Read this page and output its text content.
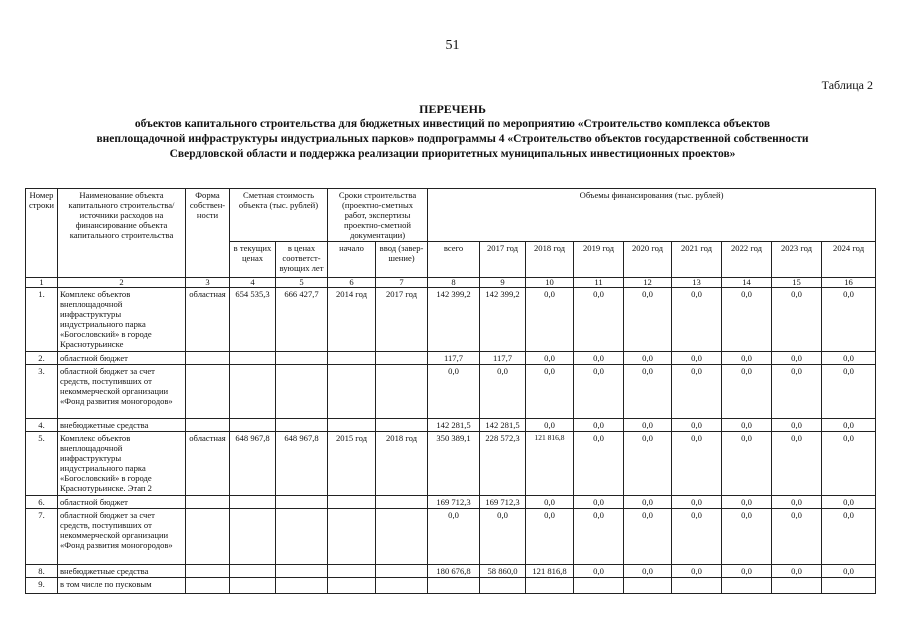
51
Таблица 2
ПЕРЕЧЕНЬ
объектов капитального строительства для бюджетных инвестиций по мероприятию «Строительство комплекса объектов
внеплощадочной инфраструктуры индустриальных парков» подпрограммы 4 «Строительство объектов государственной собственности
Свердловской области и поддержка реализации приоритетных муниципальных инвестиционных проектов»
Номер строки	Наименование объекта капитального строительства/ источники расходов на финансирование объекта капитального строительства	Форма собствен-ности	Сметная стоимость объекта (тыс. рублей)		Сроки строительства (проектно-сметных работ, экспертизы проектно-сметной документации)		Объемы финансирования (тыс. рублей)								
			в текущих ценах	в ценах соответст-вующих лет	начало	ввод (завер-шение)	всего	2017 год	2018 год	2019 год	2020 год	2021 год	2022 год	2023 год	2024 год
1	2	3	4	5	6	7	8	9	10	11	12	13	14	15	16
1.	Комплекс объектов внеплощадочной инфраструктуры индустриального парка «Богословский» в городе Краснотурьинске	областная	654 535,3	666 427,7	2014 год	2017 год	142 399,2	142 399,2	0,0	0,0	0,0	0,0	0,0	0,0	0,0
2.	областной бюджет						117,7	117,7	0,0	0,0	0,0	0,0	0,0	0,0	0,0
3.	областной бюджет за счет средств, поступивших от некоммерческой организации «Фонд развития моногородов»						0,0	0,0	0,0	0,0	0,0	0,0	0,0	0,0	0,0
4.	внебюджетные средства						142 281,5	142 281,5	0,0	0,0	0,0	0,0	0,0	0,0	0,0
5.	Комплекс объектов внеплощадочной инфраструктуры индустриального парка «Богословский» в городе Краснотурьинске. Этап 2	областная	648 967,8	648 967,8	2015 год	2018 год	350 389,1	228 572,3	121 816,8	0,0	0,0	0,0	0,0	0,0	0,0
6.	областной бюджет						169 712,3	169 712,3	0,0	0,0	0,0	0,0	0,0	0,0	0,0
7.	областной бюджет за счет средств, поступивших от некоммерческой организации «Фонд развития моногородов»						0,0	0,0	0,0	0,0	0,0	0,0	0,0	0,0	0,0
8.	внебюджетные средства						180 676,8	58 860,0	121 816,8	0,0	0,0	0,0	0,0	0,0	0,0
9.	в том числе по пусковым														
